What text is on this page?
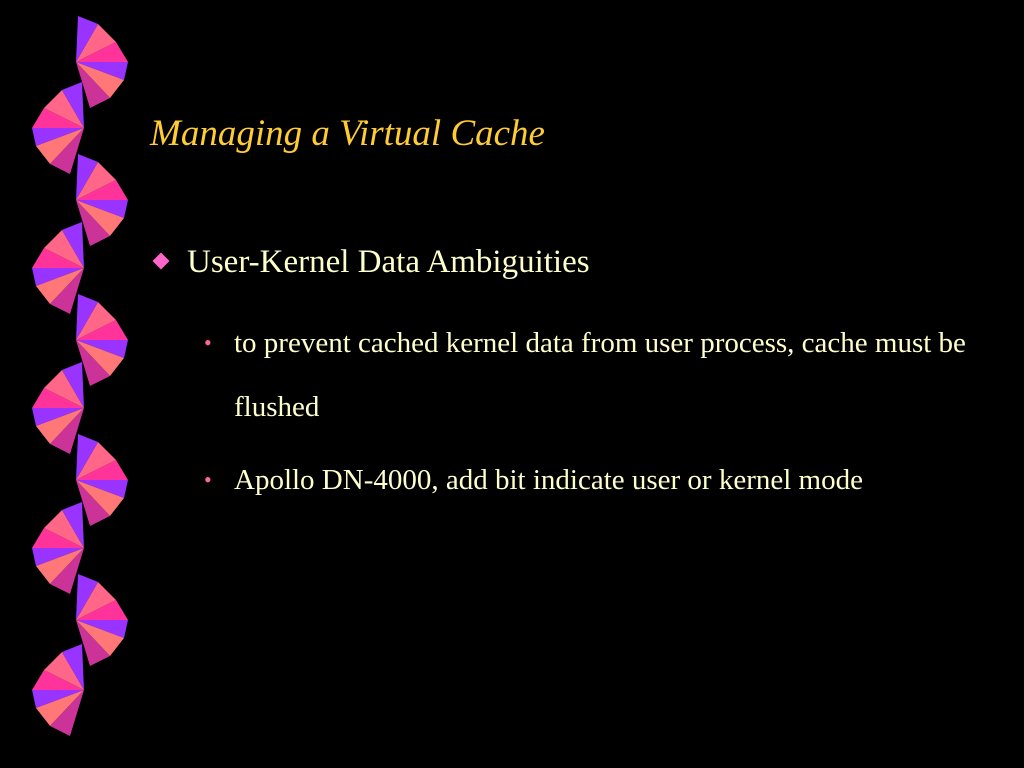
Managing a Virtual Cache
User-Kernel Data Ambiguities
• to prevent cached kernel data from user process, cache must be flushed
• Apollo DN-4000, add bit indicate user or kernel mode
